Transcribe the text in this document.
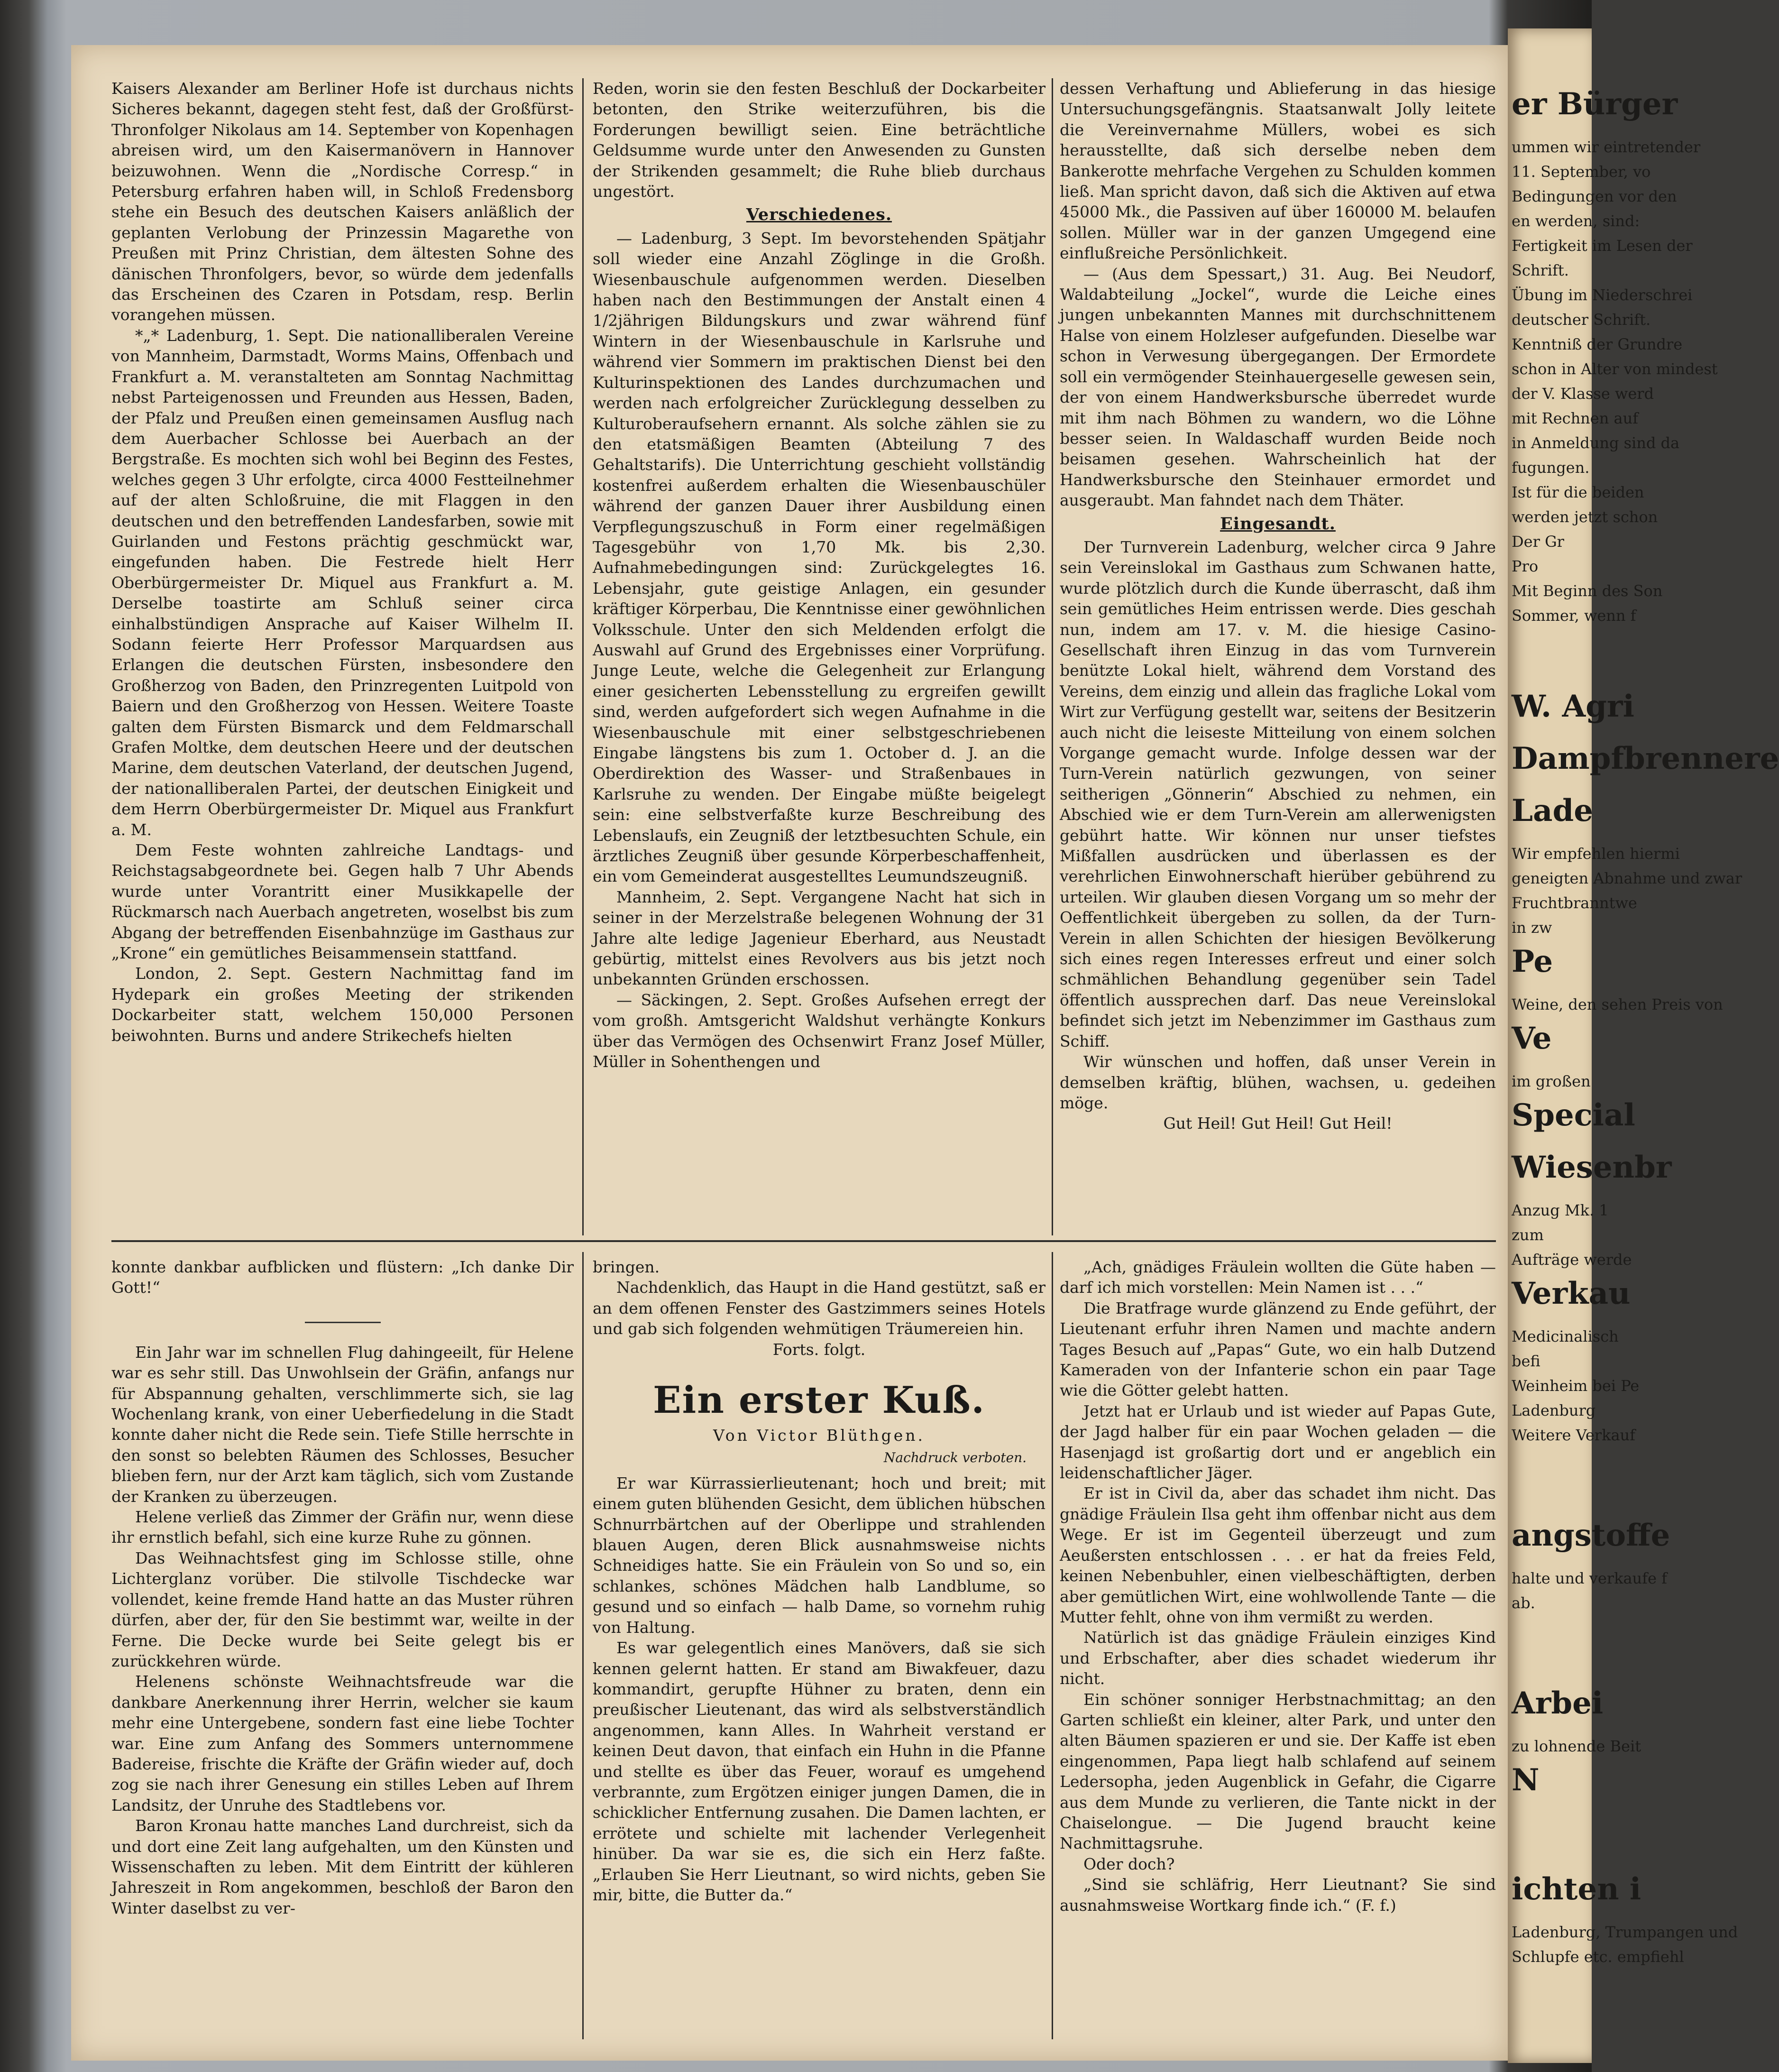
Kaisers Alexander am Berliner Hofe ist durchaus nichts Sicheres bekannt, dagegen steht fest, daß der Großfürst-Thronfolger Nikolaus am 14. September von Kopenhagen abreisen wird, um den Kaisermanövern in Hannover beizuwohnen. Wenn die „Nordische Corresp.“ in Petersburg erfahren haben will, in Schloß Fredensborg stehe ein Besuch des deutschen Kaisers anläßlich der geplanten Verlobung der Prinzessin Magarethe von Preußen mit Prinz Christian, dem ältesten Sohne des dänischen Thronfolgers, bevor, so würde dem jedenfalls das Erscheinen des Czaren in Potsdam, resp. Berlin vorangehen müssen.

*„* Ladenburg, 1. Sept. Die nationalliberalen Vereine von Mannheim, Darmstadt, Worms Mains, Offenbach und Frankfurt a. M. veranstalteten am Sonntag Nachmittag nebst Parteigenossen und Freunden aus Hessen, Baden, der Pfalz und Preußen einen gemeinsamen Ausflug nach dem Auerbacher Schlosse bei Auerbach an der Bergstraße. Es mochten sich wohl bei Beginn des Festes, welches gegen 3 Uhr erfolgte, circa 4000 Festteilnehmer auf der alten Schloßruine, die mit Flaggen in den deutschen und den betreffenden Landesfarben, sowie mit Guirlanden und Festons prächtig geschmückt war, eingefunden haben. Die Festrede hielt Herr Oberbürgermeister Dr. Miquel aus Frankfurt a. M. Derselbe toastirte am Schluß seiner circa einhalbstündigen Ansprache auf Kaiser Wilhelm II. Sodann feierte Herr Professor Marquardsen aus Erlangen die deutschen Fürsten, insbesondere den Großherzog von Baden, den Prinzregenten Luitpold von Baiern und den Großherzog von Hessen. Weitere Toaste galten dem Fürsten Bismarck und dem Feldmarschall Grafen Moltke, dem deutschen Heere und der deutschen Marine, dem deutschen Vaterland, der deutschen Jugend, der nationalliberalen Partei, der deutschen Einigkeit und dem Herrn Oberbürgermeister Dr. Miquel aus Frankfurt a. M.

Dem Feste wohnten zahlreiche Landtags- und Reichstagsabgeordnete bei. Gegen halb 7 Uhr Abends wurde unter Vorantritt einer Musikkapelle der Rückmarsch nach Auerbach angetreten, woselbst bis zum Abgang der betreffenden Eisenbahnzüge im Gasthaus zur „Krone“ ein gemütliches Beisammensein stattfand.

London, 2. Sept. Gestern Nachmittag fand im Hydepark ein großes Meeting der strikenden Dockarbeiter statt, welchem 150,000 Personen beiwohnten. Burns und andere Strikechefs hielten

Reden, worin sie den festen Beschluß der Dockarbeiter betonten, den Strike weiterzuführen, bis die Forderungen bewilligt seien. Eine beträchtliche Geldsumme wurde unter den Anwesenden zu Gunsten der Strikenden gesammelt; die Ruhe blieb durchaus ungestört.

Verschiedenes.

— Ladenburg, 3 Sept. Im bevorstehenden Spätjahr soll wieder eine Anzahl Zöglinge in die Großh. Wiesenbauschule aufgenommen werden. Dieselben haben nach den Bestimmungen der Anstalt einen 4 1/2jährigen Bildungskurs und zwar während fünf Wintern in der Wiesenbauschule in Karlsruhe und während vier Sommern im praktischen Dienst bei den Kulturinspektionen des Landes durchzumachen und werden nach erfolgreicher Zurücklegung desselben zu Kulturoberaufsehern ernannt. Als solche zählen sie zu den etatsmäßigen Beamten (Abteilung 7 des Gehaltstarifs). Die Unterrichtung geschieht vollständig kostenfrei außerdem erhalten die Wiesenbauschüler während der ganzen Dauer ihrer Ausbildung einen Verpflegungszuschuß in Form einer regelmäßigen Tagesgebühr von 1,70 Mk. bis 2,30. Aufnahmebedingungen sind: Zurückgelegtes 16. Lebensjahr, gute geistige Anlagen, ein gesunder kräftiger Körperbau, Die Kenntnisse einer gewöhnlichen Volksschule. Unter den sich Meldenden erfolgt die Auswahl auf Grund des Ergebnisses einer Vorprüfung. Junge Leute, welche die Gelegenheit zur Erlangung einer gesicherten Lebensstellung zu ergreifen gewillt sind, werden aufgefordert sich wegen Aufnahme in die Wiesenbauschule mit einer selbstgeschriebenen Eingabe längstens bis zum 1. October d. J. an die Oberdirektion des Wasser- und Straßenbaues in Karlsruhe zu wenden. Der Eingabe müßte beigelegt sein: eine selbstverfaßte kurze Beschreibung des Lebenslaufs, ein Zeugniß der letztbesuchten Schule, ein ärztliches Zeugniß über gesunde Körperbeschaffenheit, ein vom Gemeinderat ausgestelltes Leumundszeugniß.

Mannheim, 2. Sept. Vergangene Nacht hat sich in seiner in der Merzelstraße belegenen Wohnung der 31 Jahre alte ledige Jagenieur Eberhard, aus Neustadt gebürtig, mittelst eines Revolvers aus bis jetzt noch unbekannten Gründen erschossen.

— Säckingen, 2. Sept. Großes Aufsehen erregt der vom großh. Amtsgericht Waldshut verhängte Konkurs über das Vermögen des Ochsenwirt Franz Josef Müller, Müller in Sohenthengen und

dessen Verhaftung und Ablieferung in das hiesige Untersuchungsgefängnis. Staatsanwalt Jolly leitete die Vereinvernahme Müllers, wobei es sich herausstellte, daß sich derselbe neben dem Bankerotte mehrfache Vergehen zu Schulden kommen ließ. Man spricht davon, daß sich die Aktiven auf etwa 45000 Mk., die Passiven auf über 160000 M. belaufen sollen. Müller war in der ganzen Umgegend eine einflußreiche Persönlichkeit.

— (Aus dem Spessart,) 31. Aug. Bei Neudorf, Waldabteilung „Jockel“, wurde die Leiche eines jungen unbekannten Mannes mit durchschnittenem Halse von einem Holzleser aufgefunden. Dieselbe war schon in Verwesung übergegangen. Der Ermordete soll ein vermögender Steinhauergeselle gewesen sein, der von einem Handwerksbursche überredet wurde mit ihm nach Böhmen zu wandern, wo die Löhne besser seien. In Waldaschaff wurden Beide noch beisamen gesehen. Wahrscheinlich hat der Handwerksbursche den Steinhauer ermordet und ausgeraubt. Man fahndet nach dem Thäter.

Eingesandt.

Der Turnverein Ladenburg, welcher circa 9 Jahre sein Vereinslokal im Gasthaus zum Schwanen hatte, wurde plötzlich durch die Kunde überrascht, daß ihm sein gemütliches Heim entrissen werde. Dies geschah nun, indem am 17. v. M. die hiesige Casino-Gesellschaft ihren Einzug in das vom Turnverein benützte Lokal hielt, während dem Vorstand des Vereins, dem einzig und allein das fragliche Lokal vom Wirt zur Verfügung gestellt war, seitens der Besitzerin auch nicht die leiseste Mitteilung von einem solchen Vorgange gemacht wurde. Infolge dessen war der Turn-Verein natürlich gezwungen, von seiner seitherigen „Gönnerin“ Abschied zu nehmen, ein Abschied wie er dem Turn-Verein am allerwenigsten gebührt hatte. Wir können nur unser tiefstes Mißfallen ausdrücken und überlassen es der verehrlichen Einwohnerschaft hierüber gebührend zu urteilen. Wir glauben diesen Vorgang um so mehr der Oeffentlichkeit übergeben zu sollen, da der Turn-Verein in allen Schichten der hiesigen Bevölkerung sich eines regen Interesses erfreut und einer solch schmählichen Behandlung gegenüber sein Tadel öffentlich aussprechen darf. Das neue Vereinslokal befindet sich jetzt im Nebenzimmer im Gasthaus zum Schiff.

Wir wünschen und hoffen, daß unser Verein in demselben kräftig, blühen, wachsen, u. gedeihen möge.

Gut Heil! Gut Heil! Gut Heil!

konnte dankbar aufblicken und flüstern: „Ich danke Dir Gott!“

Ein Jahr war im schnellen Flug dahingeeilt, für Helene war es sehr still. Das Unwohlsein der Gräfin, anfangs nur für Abspannung gehalten, verschlimmerte sich, sie lag Wochenlang krank, von einer Ueberfiedelung in die Stadt konnte daher nicht die Rede sein. Tiefe Stille herrschte in den sonst so belebten Räumen des Schlosses, Besucher blieben fern, nur der Arzt kam täglich, sich vom Zustande der Kranken zu überzeugen.

Helene verließ das Zimmer der Gräfin nur, wenn diese ihr ernstlich befahl, sich eine kurze Ruhe zu gönnen.

Das Weihnachtsfest ging im Schlosse stille, ohne Lichterglanz vorüber. Die stilvolle Tischdecke war vollendet, keine fremde Hand hatte an das Muster rühren dürfen, aber der, für den Sie bestimmt war, weilte in der Ferne. Die Decke wurde bei Seite gelegt bis er zurückkehren würde.

Helenens schönste Weihnachtsfreude war die dankbare Anerkennung ihrer Herrin, welcher sie kaum mehr eine Untergebene, sondern fast eine liebe Tochter war. Eine zum Anfang des Sommers unternommene Badereise, frischte die Kräfte der Gräfin wieder auf, doch zog sie nach ihrer Genesung ein stilles Leben auf Ihrem Landsitz, der Unruhe des Stadtlebens vor.

Baron Kronau hatte manches Land durchreist, sich da und dort eine Zeit lang aufgehalten, um den Künsten und Wissenschaften zu leben. Mit dem Eintritt der kühleren Jahreszeit in Rom angekommen, beschloß der Baron den Winter daselbst zu ver-

bringen.

Nachdenklich, das Haupt in die Hand gestützt, saß er an dem offenen Fenster des Gastzimmers seines Hotels und gab sich folgenden wehmütigen Träumereien hin.

Forts. folgt.

Ein erster Kuß.
Von Victor Blüthgen.
Nachdruck verboten.

Er war Kürrassierlieutenant; hoch und breit; mit einem guten blühenden Gesicht, dem üblichen hübschen Schnurrbärtchen auf der Oberlippe und strahlenden blauen Augen, deren Blick ausnahmsweise nichts Schneidiges hatte. Sie ein Fräulein von So und so, ein schlankes, schönes Mädchen halb Landblume, so gesund und so einfach — halb Dame, so vornehm ruhig von Haltung.

Es war gelegentlich eines Manövers, daß sie sich kennen gelernt hatten. Er stand am Biwakfeuer, dazu kommandirt, gerupfte Hühner zu braten, denn ein preußischer Lieutenant, das wird als selbstverständlich angenommen, kann Alles. In Wahrheit verstand er keinen Deut davon, that einfach ein Huhn in die Pfanne und stellte es über das Feuer, worauf es umgehend verbrannte, zum Ergötzen einiger jungen Damen, die in schicklicher Entfernung zusahen. Die Damen lachten, er errötete und schielte mit lachender Verlegenheit hinüber. Da war sie es, die sich ein Herz faßte. „Erlauben Sie Herr Lieutnant, so wird nichts, geben Sie mir, bitte, die Butter da.“

„Ach, gnädiges Fräulein wollten die Güte haben — darf ich mich vorstellen: Mein Namen ist . . .“

Die Bratfrage wurde glänzend zu Ende geführt, der Lieutenant erfuhr ihren Namen und machte andern Tages Besuch auf „Papas“ Gute, wo ein halb Dutzend Kameraden von der Infanterie schon ein paar Tage wie die Götter gelebt hatten.

Jetzt hat er Urlaub und ist wieder auf Papas Gute, der Jagd halber für ein paar Wochen geladen — die Hasenjagd ist großartig dort und er angeblich ein leidenschaftlicher Jäger.

Er ist in Civil da, aber das schadet ihm nicht. Das gnädige Fräulein Ilsa geht ihm offenbar nicht aus dem Wege. Er ist im Gegenteil überzeugt und zum Aeußersten entschlossen . . . er hat da freies Feld, keinen Nebenbuhler, einen vielbeschäftigten, derben aber gemütlichen Wirt, eine wohlwollende Tante — die Mutter fehlt, ohne von ihm vermißt zu werden.

Natürlich ist das gnädige Fräulein einziges Kind und Erbschafter, aber dies schadet wiederum ihr nicht.

Ein schöner sonniger Herbstnachmittag; an den Garten schließt ein kleiner, alter Park, und unter den alten Bäumen spazieren er und sie. Der Kaffe ist eben eingenommen, Papa liegt halb schlafend auf seinem Ledersopha, jeden Augenblick in Gefahr, die Cigarre aus dem Munde zu verlieren, die Tante nickt in der Chaiselongue. — Die Jugend braucht keine Nachmittagsruhe.

Oder doch?

„Sind sie schläfrig, Herr Lieutnant? Sie sind ausnahmsweise Wortkarg finde ich.“ (F. f.)

er Bürger
ummen wir eintretender
11. September, vo
Bedingungen vor den
en werden, sind:
Fertigkeit im Lesen der
Schrift.
Übung im Niederschrei
deutscher Schrift.
Kenntniß der Grundre
schon in Alter von mindest
der V. Klasse werd
mit Rechnen auf
in Anmeldung sind da
fugungen.
Ist für die beiden
werden jetzt schon
Der Gr
Pro
Mit Beginn des Son
Sommer, wenn f
W. Agri
Dampfbrennere
Lade
Wir empfehlen hiermi
geneigten Abnahme und zwar
Fruchtbranntwe
in zw
Pe
Weine, den sehen Preis von
Ve
im großen
Special
Wiesenbr
Anzug Mk. 1
zum
Aufträge werde
Verkau
Medicinalisch
befi
Weinheim bei Pe
Ladenburg
Weitere Verkauf
angstoffe
halte und verkaufe f
ab.
Arbei
zu lohnende Beit
N
ichten i
Ladenburg, Trumpangen und
Schlupfe etc. empfiehl
